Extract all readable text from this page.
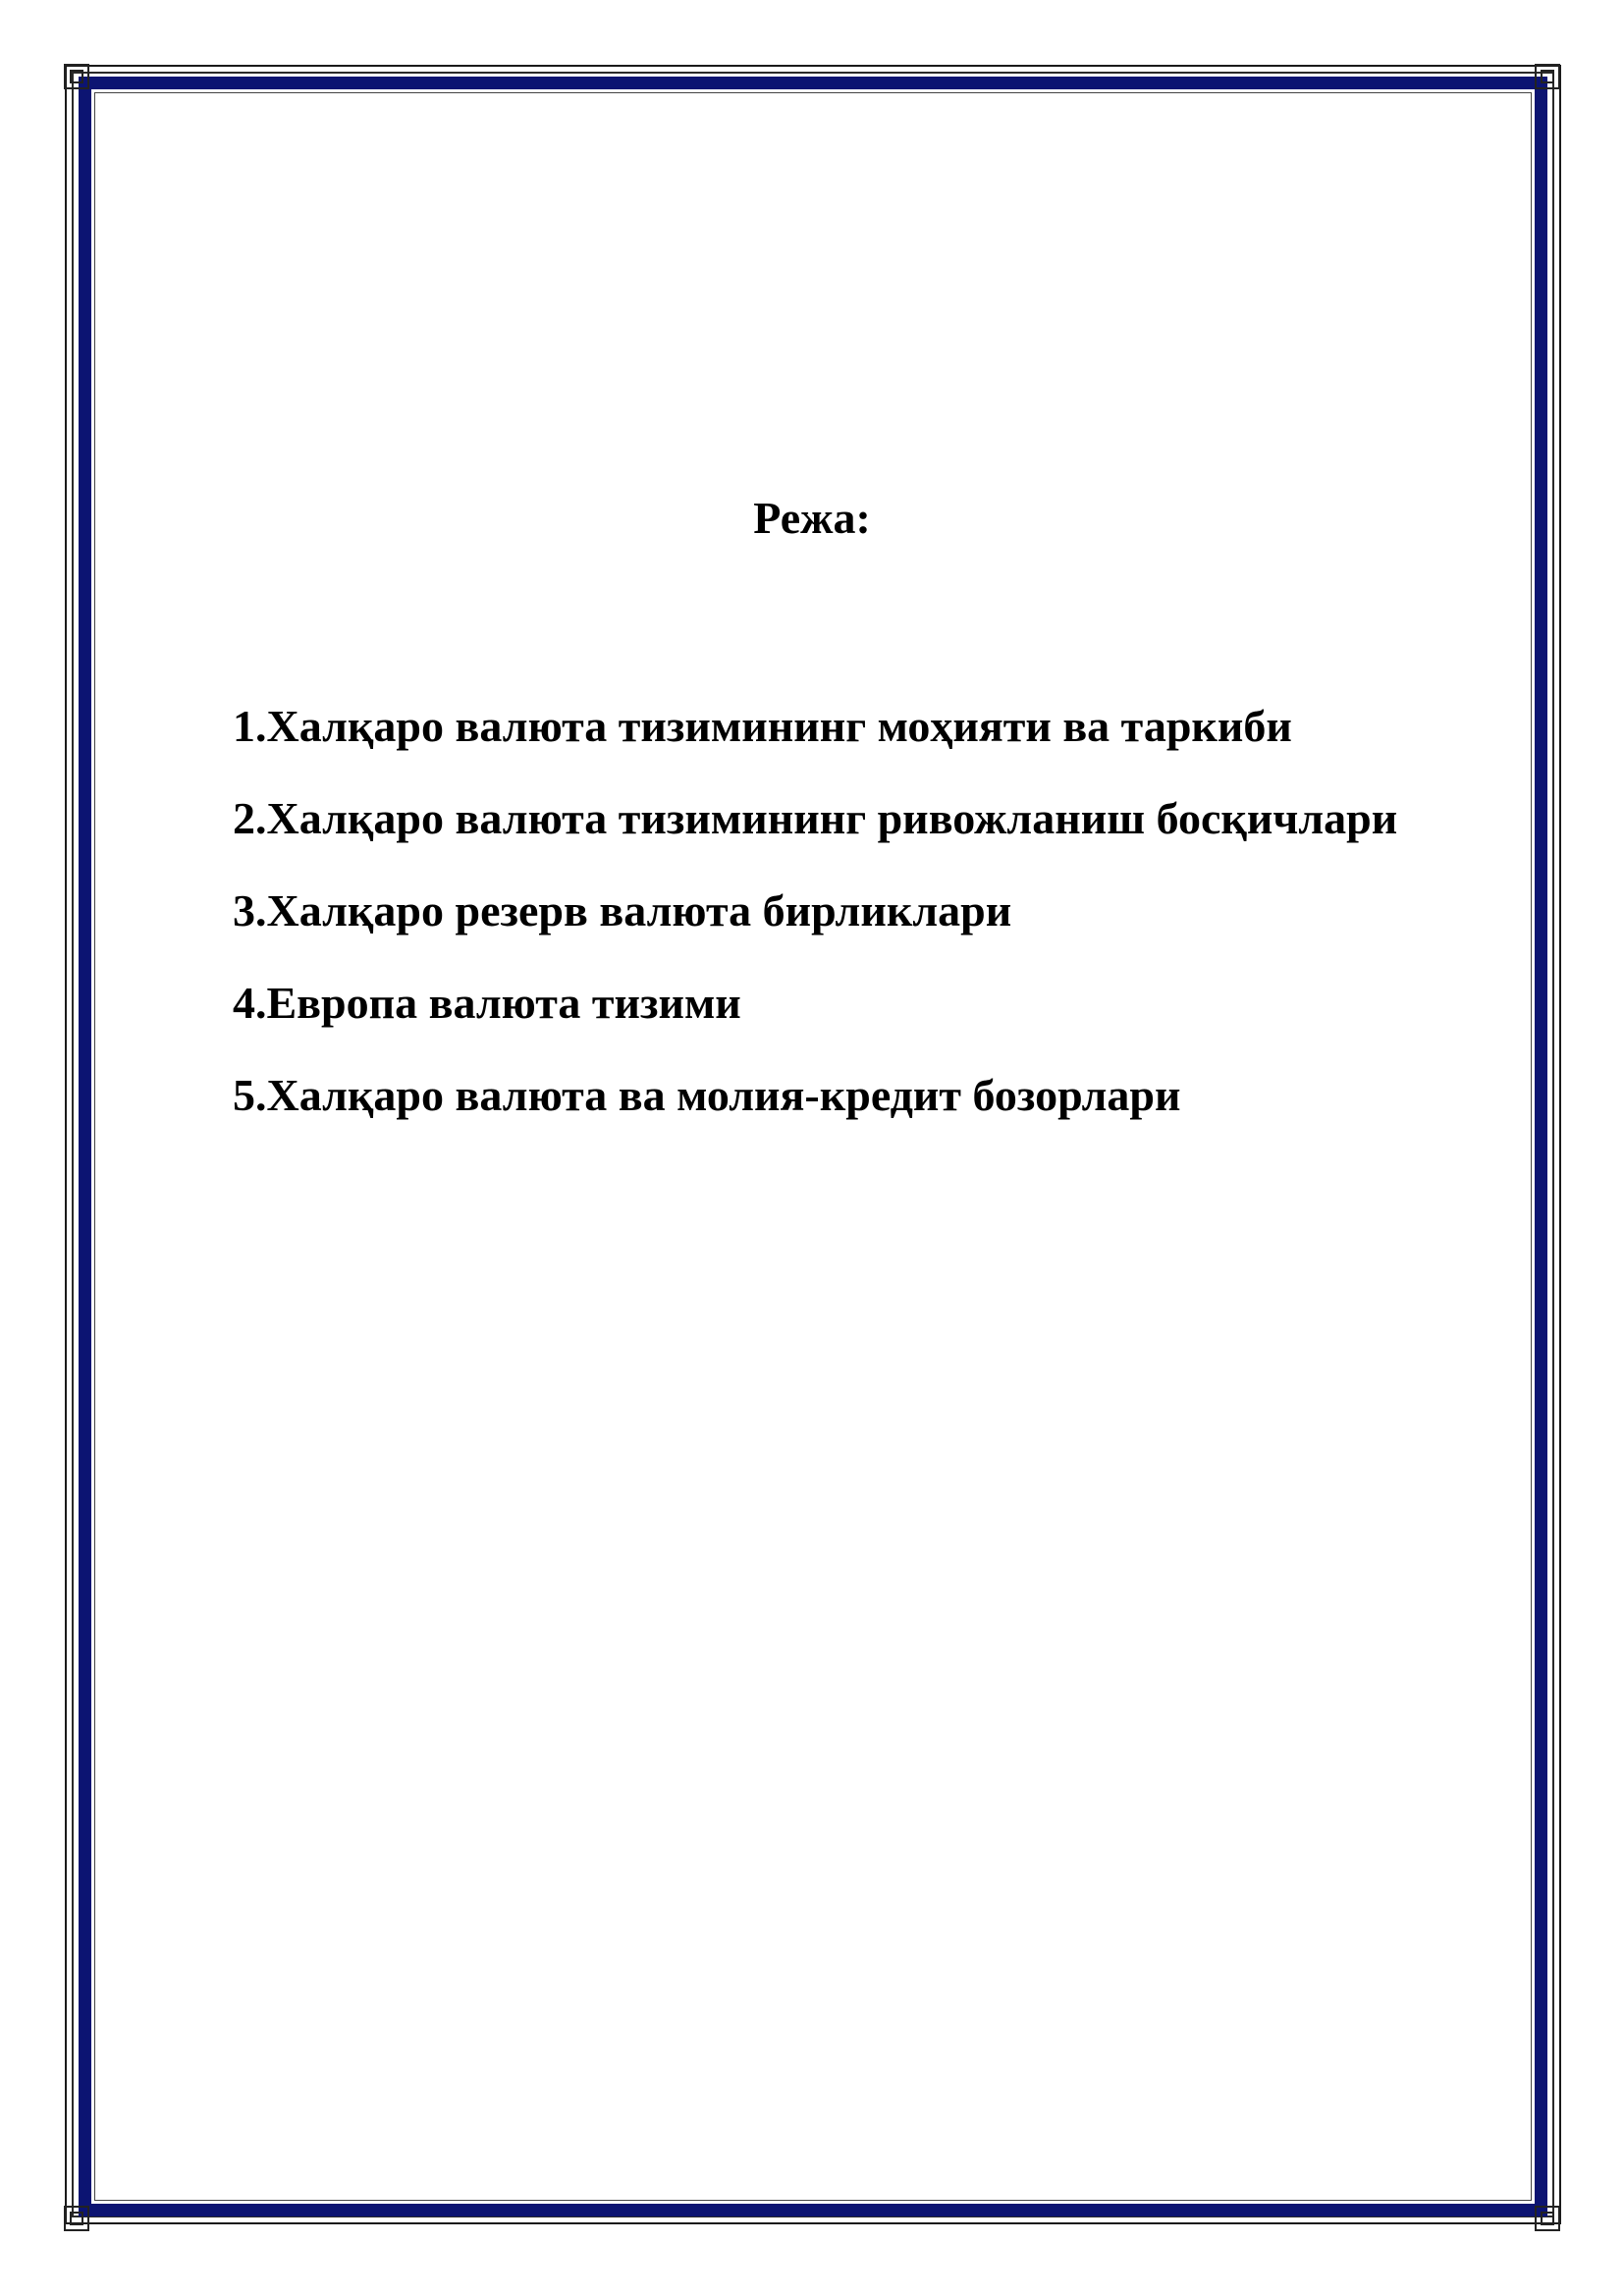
Режа:
1.Халқаро валюта тизимининг моҳияти ва таркиби
2.Халқаро валюта тизимининг ривожланиш босқичлари
3.Халқаро резерв валюта бирликлари
4.Европа валюта тизими
5.Халқаро валюта ва молия-кредит бозорлари
